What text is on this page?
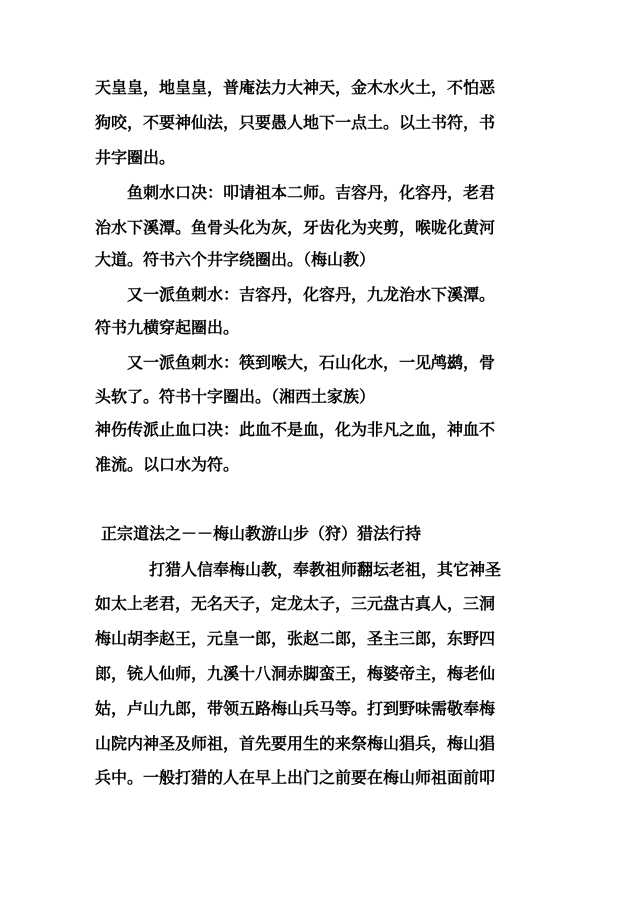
天皇皇，地皇皇，普庵法力大神天，金木水火土，不怕恶
狗咬，不要神仙法，只要愚人地下一点土。以土书符，书
井字圈出。
鱼刺水口决：叩请祖本二师。吉容丹，化容丹，老君
治水下溪潭。鱼骨头化为灰，牙齿化为夹剪，喉咙化黄河
大道。符书六个井字绕圈出。（梅山教）
又一派鱼刺水：吉容丹，化容丹，九龙治水下溪潭。
符书九横穿起圈出。
又一派鱼刺水：筷到喉大，石山化水，一见鸬鹚，骨
头软了。符书十字圈出。（湘西土家族）
神伤传派止血口决：此血不是血，化为非凡之血，神血不
准流。以口水为符。
正宗道法之－－梅山教游山步（狩）猎法行持
打猎人信奉梅山教，奉教祖师翻坛老祖，其它神圣
如太上老君，无名天子，定龙太子，三元盘古真人，三洞
梅山胡李赵王，元皇一郎，张赵二郎，圣主三郎，东野四
郎，铳人仙师，九溪十八洞赤脚蛮王，梅婆帝主，梅老仙
姑，卢山九郎，带领五路梅山兵马等。打到野味需敬奉梅
山院内神圣及师祖，首先要用生的来祭梅山猖兵，梅山猖
兵中。一般打猎的人在早上出门之前要在梅山师祖面前叩
